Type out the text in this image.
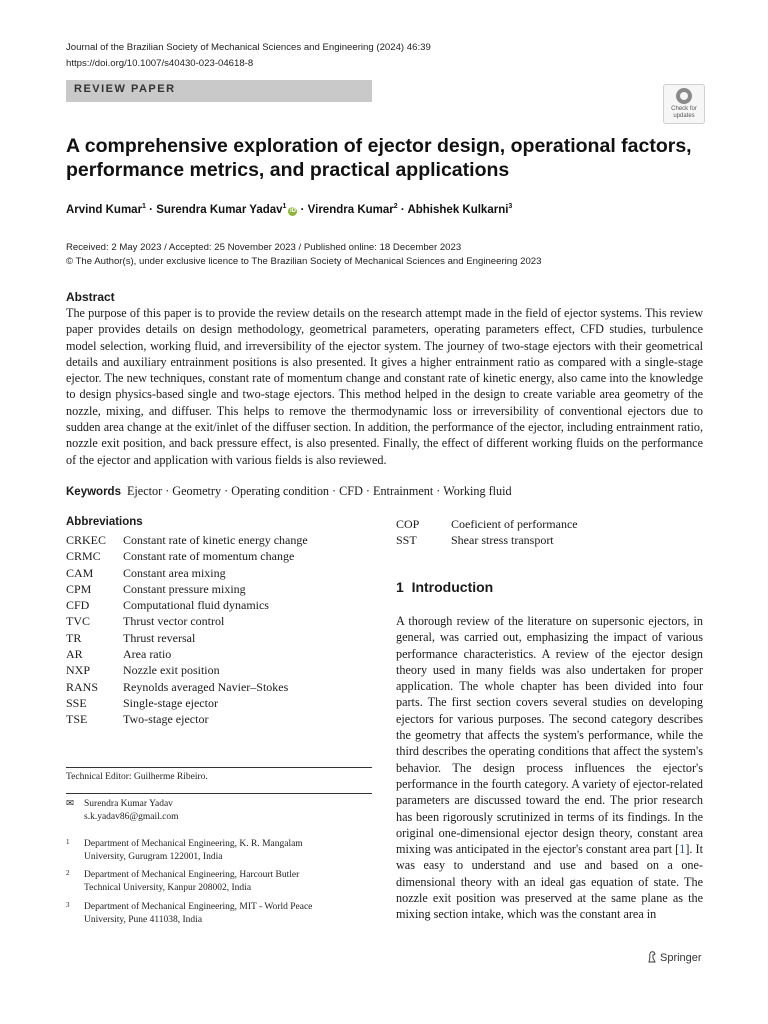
Journal of the Brazilian Society of Mechanical Sciences and Engineering (2024) 46:39
https://doi.org/10.1007/s40430-023-04618-8
REVIEW PAPER
Check for
updates
A comprehensive exploration of ejector design, operational factors, performance metrics, and practical applications
Arvind Kumar$^1$ · Surendra Kumar Yadav$^1$iD · Virendra Kumar$^2$ · Abhishek Kulkarni$^3$
Received: 2 May 2023 / Accepted: 25 November 2023 / Published online: 18 December 2023
© The Author(s), under exclusive licence to The Brazilian Society of Mechanical Sciences and Engineering 2023
Abstract
The purpose of this paper is to provide the review details on the research attempt made in the field of ejector systems. This review paper provides details on design methodology, geometrical parameters, operating parameters effect, CFD studies, turbulence model selection, working fluid, and irreversibility of the ejector system. The journey of two-stage ejectors with their geometrical details and auxiliary entrainment positions is also presented. It gives a higher entrainment ratio as compared with a single-stage ejector. The new techniques, constant rate of momentum change and constant rate of kinetic energy, also came into the knowledge to design physics-based single and two-stage ejectors. This method helped in the design to create variable area geometry of the nozzle, mixing, and diffuser. This helps to remove the thermodynamic loss or irreversibility of conventional ejectors due to sudden area change at the exit/inlet of the diffuser section. In addition, the performance of the ejector, including entrainment ratio, nozzle exit position, and back pressure effect, is also presented. Finally, the effect of different working fluids on the performance of the ejector and application with various fields is also reviewed.
Keywords Ejector · Geometry · Operating condition · CFD · Entrainment · Working fluid
Abbreviations
CRKEC	Constant rate of kinetic energy change
CRMC	Constant rate of momentum change
CAM	Constant area mixing
CPM	Constant pressure mixing
CFD	Computational fluid dynamics
TVC	Thrust vector control
TR	Thrust reversal
AR	Area ratio
NXP	Nozzle exit position
RANS	Reynolds averaged Navier–Stokes
SSE	Single-stage ejector
TSE	Two-stage ejector
COP	Coeficient of performance
SST	Shear stress transport
Technical Editor: Guilherme Ribeiro.
✉ Surendra Kumar Yadav
s.k.yadav86@gmail.com
1 Department of Mechanical Engineering, K. R. Mangalam
University, Gurugram 122001, India
2 Department of Mechanical Engineering, Harcourt Butler
Technical University, Kanpur 208002, India
3 Department of Mechanical Engineering, MIT - World Peace
University, Pune 411038, India
1 Introduction
A thorough review of the literature on supersonic ejectors, in general, was carried out, emphasizing the impact of various performance characteristics. A review of the ejector design theory used in many fields was also undertaken for proper application. The whole chapter has been divided into four parts. The first section covers several studies on developing ejectors for various purposes. The second category describes the geometry that affects the system's performance, while the third describes the operating conditions that affect the system's behavior. The design process influences the ejector's performance in the fourth category. A variety of ejector-related parameters are discussed toward the end. The prior research has been rigorously scrutinized in terms of its findings. In the original one-dimensional ejector design theory, constant area mixing was anticipated in the ejector's constant area part [1]. It was easy to understand and use and based on a one-dimensional theory with an ideal gas equation of state. The nozzle exit position was preserved at the same plane as the mixing section intake, which was the constant area in
Springer
